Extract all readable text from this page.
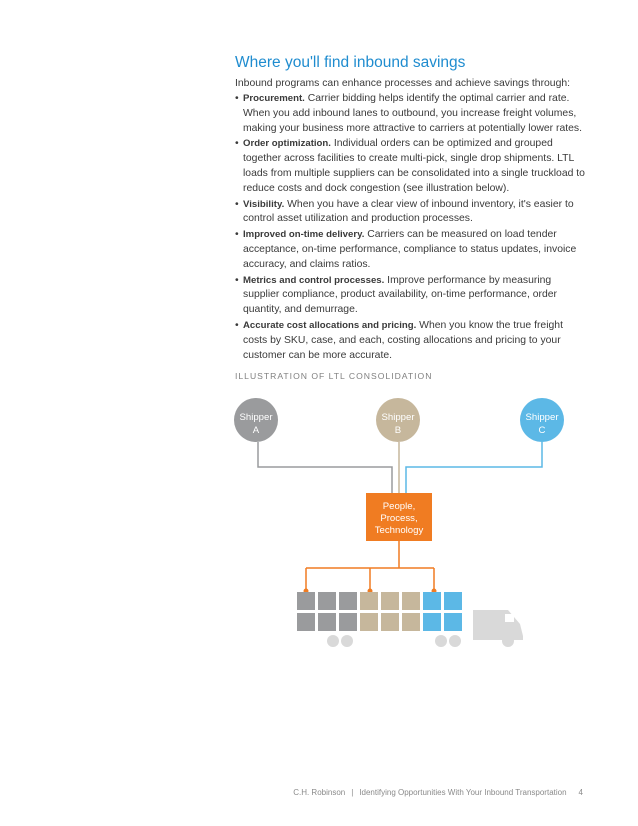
Where you'll find inbound savings

Inbound programs can enhance processes and achieve savings through:

• Procurement. Carrier bidding helps identify the optimal carrier and rate. When you add inbound lanes to outbound, you increase freight volumes, making your business more attractive to carriers at potentially lower rates.
• Order optimization. Individual orders can be optimized and grouped together across facilities to create multi-pick, single drop shipments. LTL loads from multiple suppliers can be consolidated into a single truckload to reduce costs and dock congestion (see illustration below).
• Visibility. When you have a clear view of inbound inventory, it's easier to control asset utilization and production processes.
• Improved on-time delivery. Carriers can be measured on load tender acceptance, on-time performance, compliance to status updates, invoice accuracy, and claims ratios.
• Metrics and control processes. Improve performance by measuring supplier compliance, product availability, on-time performance, order quantity, and demurrage.
• Accurate cost allocations and pricing. When you know the true freight costs by SKU, case, and each, costing allocations and pricing to your customer can be more accurate.
ILLUSTRATION OF LTL CONSOLIDATION
Shipper
A
Shipper
B
Shipper
C
People,
Process,
Technology
C.H. Robinson | Identifying Opportunities With Your Inbound Transportation 4
